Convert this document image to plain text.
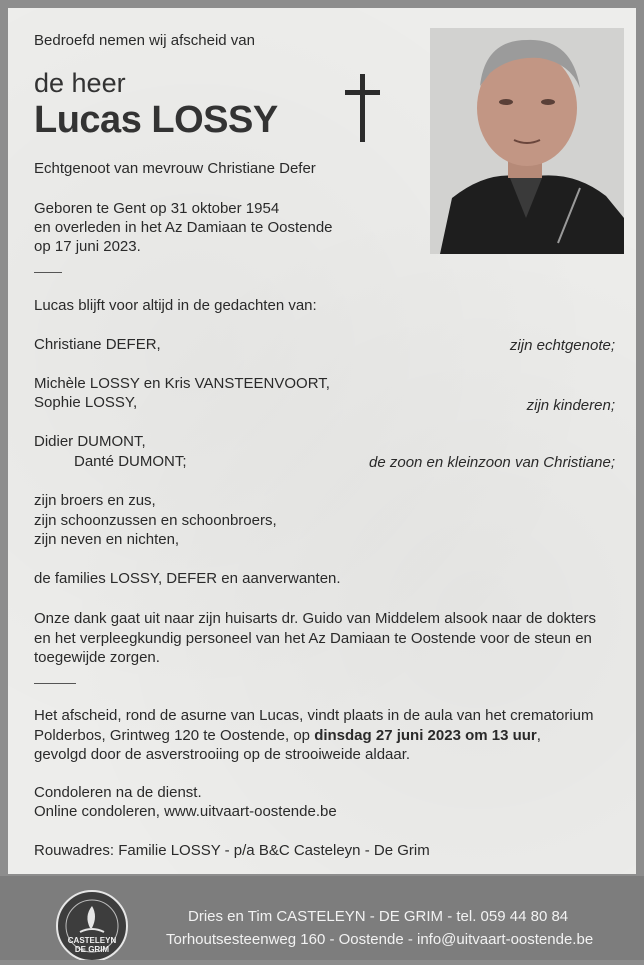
Bedroefd nemen wij afscheid van
de heer
Lucas LOSSY
Echtgenoot van mevrouw Christiane Defer
Geboren te Gent op 31 oktober 1954
en overleden in het Az Damiaan te Oostende
op 17 juni 2023.
Lucas blijft voor altijd in de gedachten van:
Christiane DEFER,	zijn echtgenote;
Michèle LOSSY en Kris VANSTEENVOORT,
Sophie LOSSY,	zijn kinderen;
Didier DUMONT,
Danté DUMONT;	de zoon en kleinzoon van Christiane;
zijn broers en zus,
zijn schoonzussen en schoonbroers,
zijn neven en nichten,
de families LOSSY, DEFER en aanverwanten.
Onze dank gaat uit naar zijn huisarts dr. Guido van Middelem alsook naar de dokters
en het verpleegkundig personeel van het Az Damiaan te Oostende voor de steun en
toegewijde zorgen.
Het afscheid, rond de asurne van Lucas, vindt plaats in de aula van het crematorium
Polderbos, Grintweg 120 te Oostende, op dinsdag 27 juni 2023 om 13 uur,
gevolgd door de asverstrooiing op de strooiweide aldaar.
Condoleren na de dienst.
Online condoleren, www.uitvaart-oostende.be
Rouwadres: Familie LOSSY - p/a B&C Casteleyn - De Grim
CASTELEYN
DE GRIM
Dries en Tim CASTELEYN - DE GRIM - tel. 059 44 80 84
Torhoutsesteenweg 160 - Oostende - info@uitvaart-oostende.be
